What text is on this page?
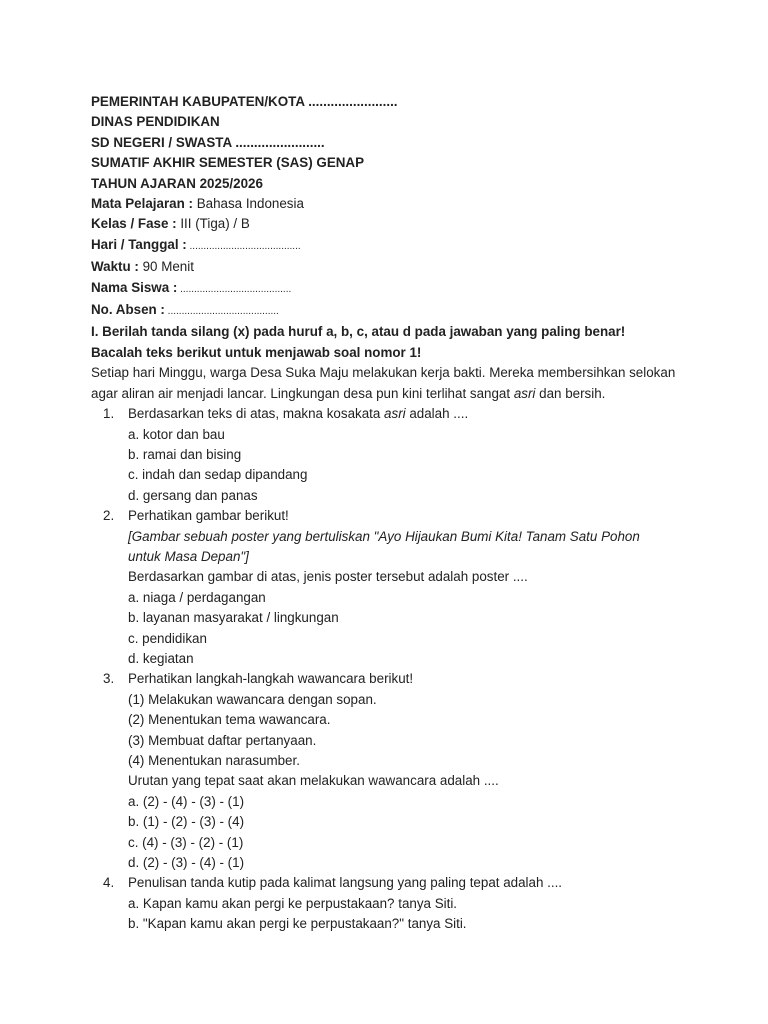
PEMERINTAH KABUPATEN/KOTA ........................
DINAS PENDIDIKAN
SD NEGERI / SWASTA ........................
SUMATIF AKHIR SEMESTER (SAS) GENAP
TAHUN AJARAN 2025/2026
Mata Pelajaran : Bahasa Indonesia
Kelas / Fase : III (Tiga) / B
Hari / Tanggal : ........................................
Waktu : 90 Menit
Nama Siswa : ........................................
No. Absen : ........................................
I. Berilah tanda silang (x) pada huruf a, b, c, atau d pada jawaban yang paling benar!
Bacalah teks berikut untuk menjawab soal nomor 1!
Setiap hari Minggu, warga Desa Suka Maju melakukan kerja bakti. Mereka membersihkan selokan agar aliran air menjadi lancar. Lingkungan desa pun kini terlihat sangat asri dan bersih.
1. Berdasarkan teks di atas, makna kosakata asri adalah ....
a. kotor dan bau
b. ramai dan bising
c. indah dan sedap dipandang
d. gersang dan panas
2. Perhatikan gambar berikut!
[Gambar sebuah poster yang bertuliskan "Ayo Hijaukan Bumi Kita! Tanam Satu Pohon untuk Masa Depan"]
Berdasarkan gambar di atas, jenis poster tersebut adalah poster ....
a. niaga / perdagangan
b. layanan masyarakat / lingkungan
c. pendidikan
d. kegiatan
3. Perhatikan langkah-langkah wawancara berikut!
(1) Melakukan wawancara dengan sopan.
(2) Menentukan tema wawancara.
(3) Membuat daftar pertanyaan.
(4) Menentukan narasumber.
Urutan yang tepat saat akan melakukan wawancara adalah ....
a. (2) - (4) - (3) - (1)
b. (1) - (2) - (3) - (4)
c. (4) - (3) - (2) - (1)
d. (2) - (3) - (4) - (1)
4. Penulisan tanda kutip pada kalimat langsung yang paling tepat adalah ....
a. Kapan kamu akan pergi ke perpustakaan? tanya Siti.
b. "Kapan kamu akan pergi ke perpustakaan?" tanya Siti.
